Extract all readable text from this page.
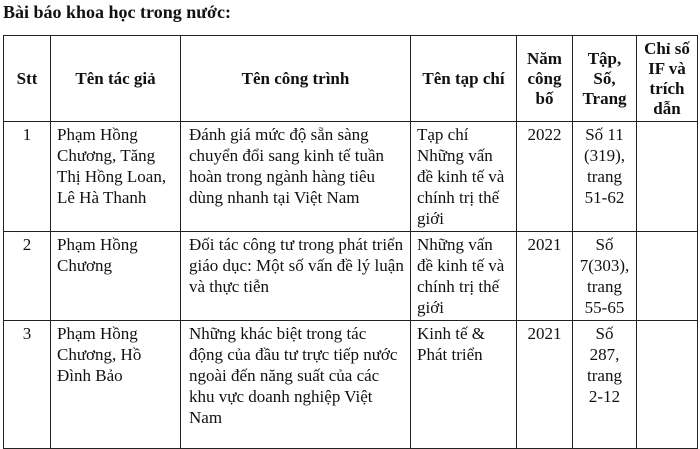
Bài báo khoa học trong nước:
Stt	Tên tác giả	Tên công trình	Tên tạp chí	Năm công bố	Tập, Số, Trang	Chỉ số IF và trích dẫn
1	Phạm Hồng Chương, Tăng Thị Hồng Loan, Lê Hà Thanh	Đánh giá mức độ sẵn sàng chuyển đổi sang kinh tế tuần hoàn trong ngành hàng tiêu dùng nhanh tại Việt Nam	Tạp chí Những vấn đề kinh tế và chính trị thế giới	2022	Số 11 (319), trang 51-62	
2	Phạm Hồng Chương	Đối tác công tư trong phát triển giáo dục: Một số vấn đề lý luận và thực tiễn	Những vấn đề kinh tế và chính trị thế giới	2021	Số 7(303), trang 55-65	
3	Phạm Hồng Chương, Hồ Đình Bảo	Những khác biệt trong tác động của đầu tư trực tiếp nước ngoài đến năng suất của các khu vực doanh nghiệp Việt Nam	Kinh tế & Phát triển	2021	Số 287, trang 2-12	
